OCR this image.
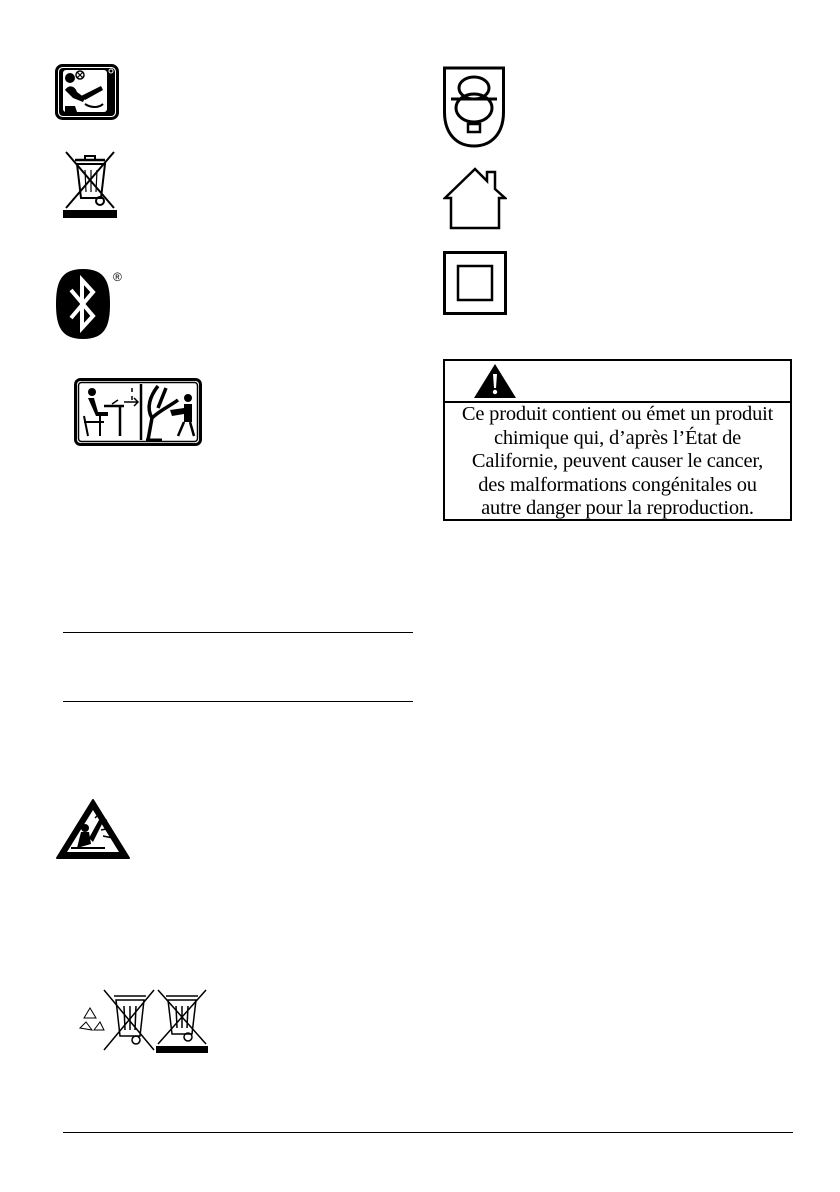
®
Ce produit contient ou émet un produit
chimique qui, d’après l’État de
Californie, peuvent causer le cancer,
des malformations congénitales ou
autre danger pour la reproduction.
